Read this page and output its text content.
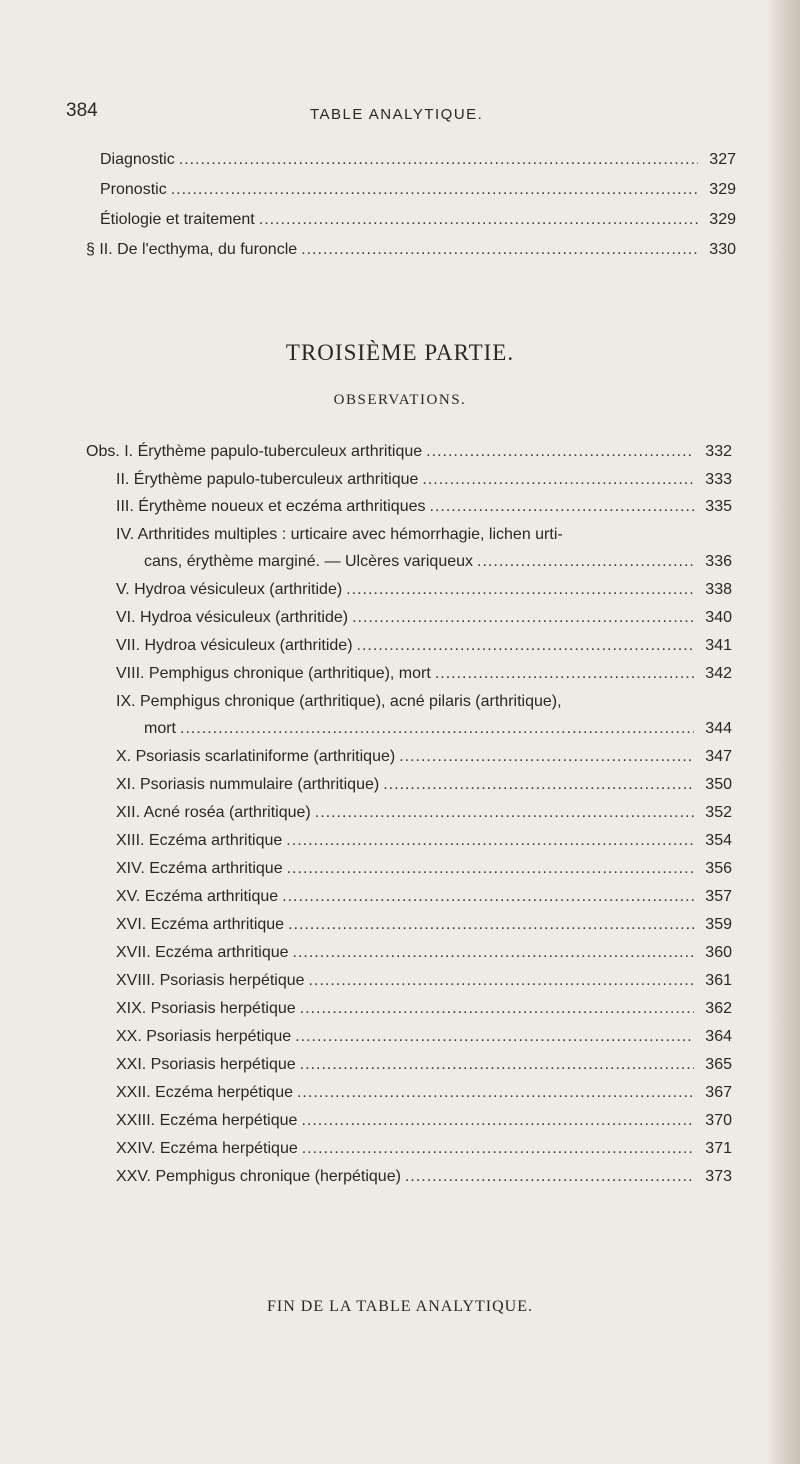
384	TABLE ANALYTIQUE.
Diagnostic .....	327
Pronostic .....	329
Étiologie et traitement .....	329
§ II. De l'ecthyma, du furoncle .....	330
TROISIÈME PARTIE.
OBSERVATIONS.
Obs. I. Érythème papulo-tuberculeux arthritique .....	332
II. Érythème papulo-tuberculeux arthritique .....	333
III. Érythème noueux et eczéma arthritiques .....	335
IV. Arthritides multiples : urticaire avec hémorrhagie, lichen urti-
cans, érythème marginé. — Ulcères variqueux .....	336
V. Hydroa vésiculeux (arthritide) .....	338
VI. Hydroa vésiculeux (arthritide) .....	340
VII. Hydroa vésiculeux (arthritide) .....	341
VIII. Pemphigus chronique (arthritique), mort .....	342
IX. Pemphigus chronique (arthritique), acné pilaris (arthritique),
mort .....	344
X. Psoriasis scarlatiniforme (arthritique) .....	347
XI. Psoriasis nummulaire (arthritique) .....	350
XII. Acné roséa (arthritique) .....	352
XIII. Eczéma arthritique .....	354
XIV. Eczéma arthritique .....	356
XV. Eczéma arthritique .....	357
XVI. Eczéma arthritique .....	359
XVII. Eczéma arthritique .....	360
XVIII. Psoriasis herpétique .....	361
XIX. Psoriasis herpétique .....	362
XX. Psoriasis herpétique .....	364
XXI. Psoriasis herpétique .....	365
XXII. Eczéma herpétique .....	367
XXIII. Eczéma herpétique .....	370
XXIV. Eczéma herpétique .....	371
XXV. Pemphigus chronique (herpétique) .....	373
FIN DE LA TABLE ANALYTIQUE.
